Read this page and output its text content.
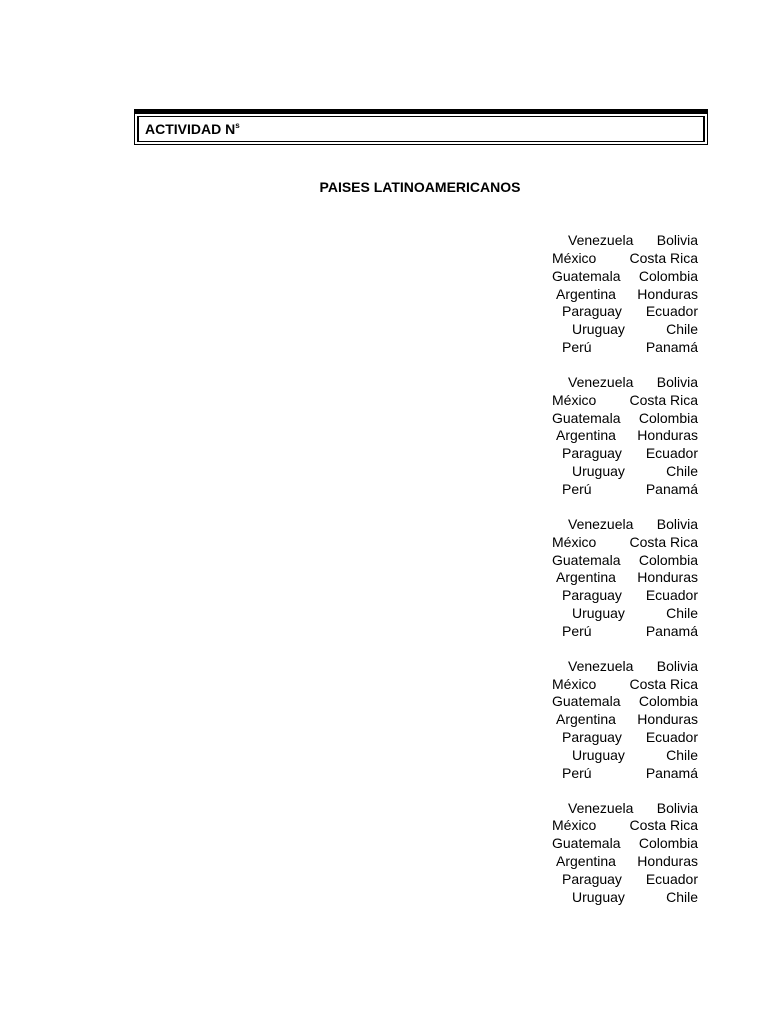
ACTIVIDAD $N^s$
PAISES LATINOAMERICANOS
Venezuela Bolivia
México Costa Rica
Guatemala Colombia
Argentina Honduras
Paraguay Ecuador
Uruguay	Chile
Perú	Panamá
Venezuela Bolivia
México Costa Rica
Guatemala Colombia
Argentina Honduras
Paraguay Ecuador
Uruguay	Chile
Perú	Panamá
Venezuela Bolivia
México Costa Rica
Guatemala Colombia
Argentina Honduras
Paraguay Ecuador
Uruguay	Chile
Perú	Panamá
Venezuela Bolivia
México Costa Rica
Guatemala Colombia
Argentina Honduras
Paraguay Ecuador
Uruguay	Chile
Perú	Panamá
Venezuela Bolivia
México Costa Rica
Guatemala Colombia
Argentina Honduras
Paraguay Ecuador
Uruguay	Chile
